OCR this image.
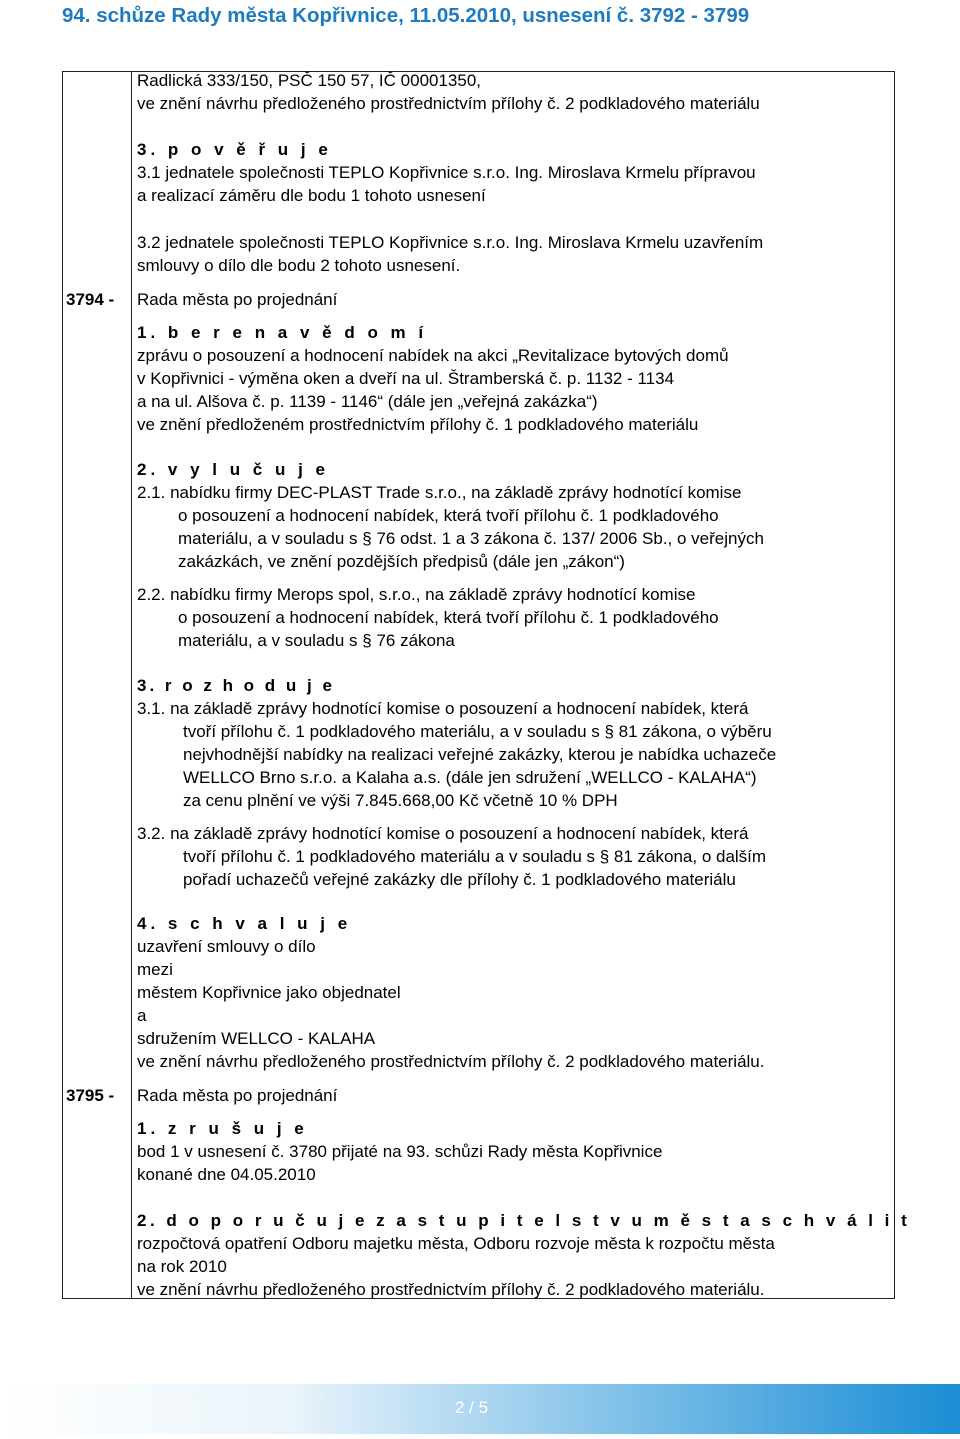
94. schůze Rady města Kopřivnice, 11.05.2010, usnesení č. 3792 - 3799
Radlická 333/150, PSČ 150 57, IČ 00001350,
ve znění návrhu předloženého prostřednictvím přílohy č. 2 podkladového materiálu
3. p o v ě ř u j e
3.1 jednatele společnosti TEPLO Kopřivnice s.r.o. Ing. Miroslava Krmelu přípravou
a realizací záměru dle bodu 1 tohoto usnesení
3.2 jednatele společnosti TEPLO Kopřivnice s.r.o. Ing. Miroslava Krmelu uzavřením
smlouvy o dílo dle bodu 2 tohoto usnesení.
3794 - Rada města po projednání
1. b e r e n a v ě d o m í
zprávu o posouzení a hodnocení nabídek na akci „Revitalizace bytových domů
v Kopřivnici - výměna oken a dveří na ul. Štramberská č. p. 1132 - 1134
a na ul. Alšova č. p. 1139 - 1146“ (dále jen „veřejná zakázka“)
ve znění předloženém prostřednictvím přílohy č. 1 podkladového materiálu
2. v y l u č u j e
2.1. nabídku firmy DEC-PLAST Trade s.r.o., na základě zprávy hodnotící komise
o posouzení a hodnocení nabídek, která tvoří přílohu č. 1 podkladového
materiálu, a v souladu s § 76 odst. 1 a 3 zákona č. 137/ 2006 Sb., o veřejných
zakázkách, ve znění pozdějších předpisů (dále jen „zákon“)
2.2. nabídku firmy Merops spol, s.r.o., na základě zprávy hodnotící komise
o posouzení a hodnocení nabídek, která tvoří přílohu č. 1 podkladového
materiálu, a v souladu s § 76 zákona
3. r o z h o d u j e
3.1. na základě zprávy hodnotící komise o posouzení a hodnocení nabídek, která
tvoří přílohu č. 1 podkladového materiálu, a v souladu s § 81 zákona, o výběru
nejvhodnější nabídky na realizaci veřejné zakázky, kterou je nabídka uchazeče
WELLCO Brno s.r.o. a Kalaha a.s. (dále jen sdružení „WELLCO - KALAHA“)
za cenu plnění ve výši 7.845.668,00 Kč včetně 10 % DPH
3.2. na základě zprávy hodnotící komise o posouzení a hodnocení nabídek, která
tvoří přílohu č. 1 podkladového materiálu a v souladu s § 81 zákona, o dalším
pořadí uchazečů veřejné zakázky dle přílohy č. 1 podkladového materiálu
4. s c h v a l u j e
uzavření smlouvy o dílo
mezi
městem Kopřivnice jako objednatel
a
sdružením WELLCO - KALAHA
ve znění návrhu předloženého prostřednictvím přílohy č. 2 podkladového materiálu.
3795 - Rada města po projednání
1. z r u š u j e
bod 1 v usnesení č. 3780 přijaté na 93. schůzi Rady města Kopřivnice
konané dne 04.05.2010
2. d o p o r u č u j e z a s t u p i t e l s t v u m ě s t a s c h v á l i t
rozpočtová opatření Odboru majetku města, Odboru rozvoje města k rozpočtu města
na rok 2010
ve znění návrhu předloženého prostřednictvím přílohy č. 2 podkladového materiálu.
2 / 5
